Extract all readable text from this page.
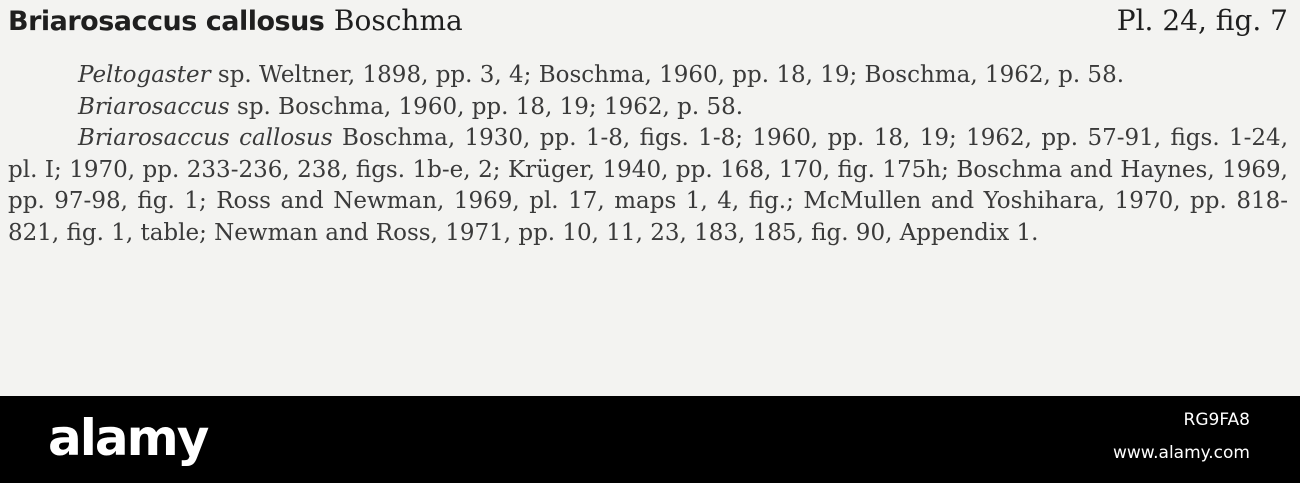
Briarosaccus callosus Boschma	Pl. 24, fig. 7

Peltogaster sp. Weltner, 1898, pp. 3, 4; Boschma, 1960, pp. 18, 19; Boschma, 1962, p. 58.

Briarosaccus sp. Boschma, 1960, pp. 18, 19; 1962, p. 58.

Briarosaccus callosus Boschma, 1930, pp. 1-8, figs. 1-8; 1960, pp. 18, 19; 1962, pp. 57-91, figs. 1-24, pl. I; 1970, pp. 233-236, 238, figs. 1b-e, 2; Krüger, 1940, pp. 168, 170, fig. 175h; Boschma and Haynes, 1969, pp. 97-98, fig. 1; Ross and Newman, 1969, pl. 17, maps 1, 4, fig.; McMullen and Yoshihara, 1970, pp. 818-821, fig. 1, table; Newman and Ross, 1971, pp. 10, 11, 23, 183, 185, fig. 90, Appendix 1.

alamy	RG9FA8
www.alamy.com
